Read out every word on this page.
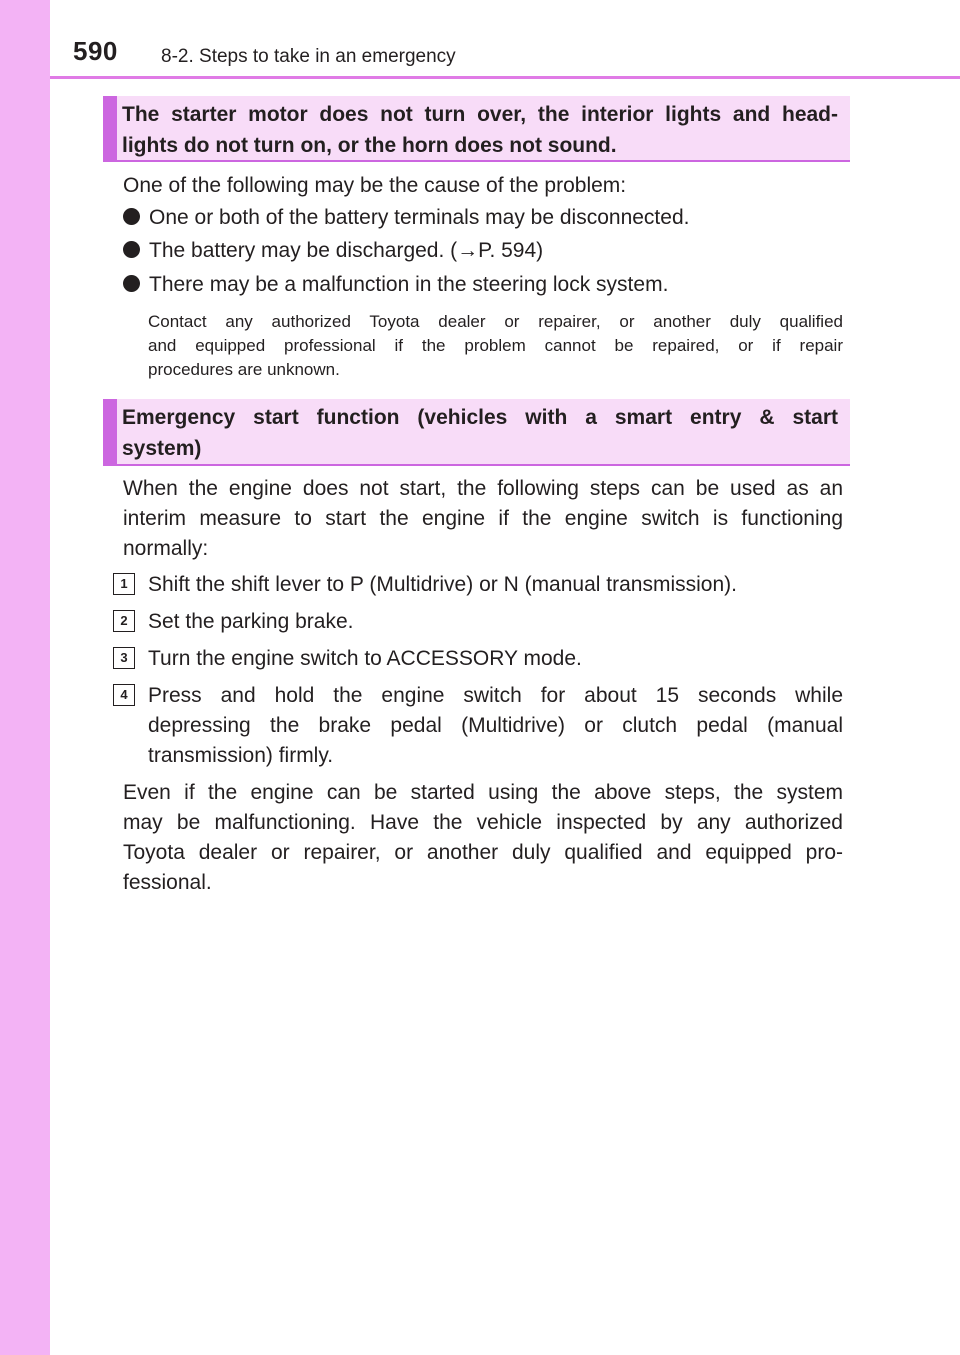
590 8-2. Steps to take in an emergency
The starter motor does not turn over, the interior lights and head-
lights do not turn on, or the horn does not sound.
One of the following may be the cause of the problem:
One or both of the battery terminals may be disconnected.
The battery may be discharged. (→P. 594)
There may be a malfunction in the steering lock system.
Contact any authorized Toyota dealer or repairer, or another duly qualified
and equipped professional if the problem cannot be repaired, or if repair
procedures are unknown.
Emergency start function (vehicles with a smart entry & start
system)
When the engine does not start, the following steps can be used as an
interim measure to start the engine if the engine switch is functioning
normally:
1 Shift the shift lever to P (Multidrive) or N (manual transmission).
2 Set the parking brake.
3 Turn the engine switch to ACCESSORY mode.
4 Press and hold the engine switch for about 15 seconds while
depressing the brake pedal (Multidrive) or clutch pedal (manual
transmission) firmly.
Even if the engine can be started using the above steps, the system
may be malfunctioning. Have the vehicle inspected by any authorized
Toyota dealer or repairer, or another duly qualified and equipped pro-
fessional.
